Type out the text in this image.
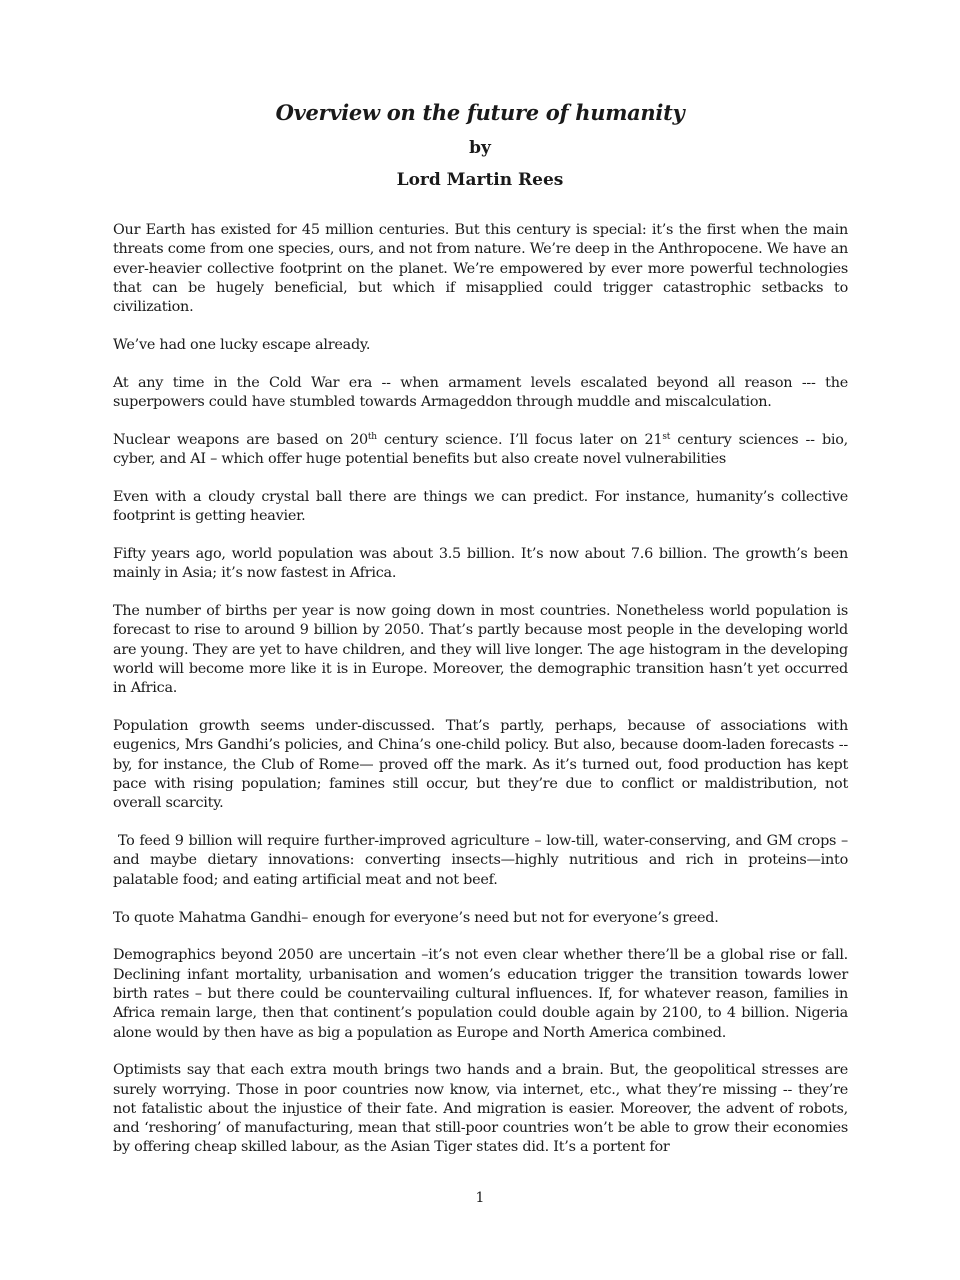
Overview on the future of humanity
by
Lord Martin Rees

Our Earth has existed for 45 million centuries. But this century is special: it’s the first when the main threats come from one species, ours, and not from nature. We’re deep in the Anthropocene. We have an ever-heavier collective footprint on the planet. We’re empowered by ever more powerful technologies that can be hugely beneficial, but which if misapplied could trigger catastrophic setbacks to civilization.

We’ve had one lucky escape already.

At any time in the Cold War era -- when armament levels escalated beyond all reason --- the superpowers could have stumbled towards Armageddon through muddle and miscalculation.

Nuclear weapons are based on 20th century science. I’ll focus later on 21st century sciences -- bio, cyber, and AI – which offer huge potential benefits but also create novel vulnerabilities

Even with a cloudy crystal ball there are things we can predict. For instance, humanity’s collective footprint is getting heavier.

Fifty years ago, world population was about 3.5 billion. It’s now about 7.6 billion. The growth’s been mainly in Asia; it’s now fastest in Africa.

The number of births per year is now going down in most countries. Nonetheless world population is forecast to rise to around 9 billion by 2050. That’s partly because most people in the developing world are young. They are yet to have children, and they will live longer. The age histogram in the developing world will become more like it is in Europe. Moreover, the demographic transition hasn’t yet occurred in Africa.

Population growth seems under-discussed. That’s partly, perhaps, because of associations with eugenics, Mrs Gandhi’s policies, and China’s one-child policy. But also, because doom-laden forecasts -- by, for instance, the Club of Rome— proved off the mark. As it’s turned out, food production has kept pace with rising population; famines still occur, but they’re due to conflict or maldistribution, not overall scarcity.

To feed 9 billion will require further-improved agriculture – low-till, water-conserving, and GM crops – and maybe dietary innovations: converting insects—highly nutritious and rich in proteins—into palatable food; and eating artificial meat and not beef.

To quote Mahatma Gandhi– enough for everyone’s need but not for everyone’s greed.

Demographics beyond 2050 are uncertain –it’s not even clear whether there’ll be a global rise or fall. Declining infant mortality, urbanisation and women’s education trigger the transition towards lower birth rates – but there could be countervailing cultural influences. If, for whatever reason, families in Africa remain large, then that continent’s population could double again by 2100, to 4 billion. Nigeria alone would by then have as big a population as Europe and North America combined.

Optimists say that each extra mouth brings two hands and a brain. But, the geopolitical stresses are surely worrying. Those in poor countries now know, via internet, etc., what they’re missing -- they’re not fatalistic about the injustice of their fate. And migration is easier. Moreover, the advent of robots, and ‘reshoring’ of manufacturing, mean that still-poor countries won’t be able to grow their economies by offering cheap skilled labour, as the Asian Tiger states did. It’s a portent for

1
